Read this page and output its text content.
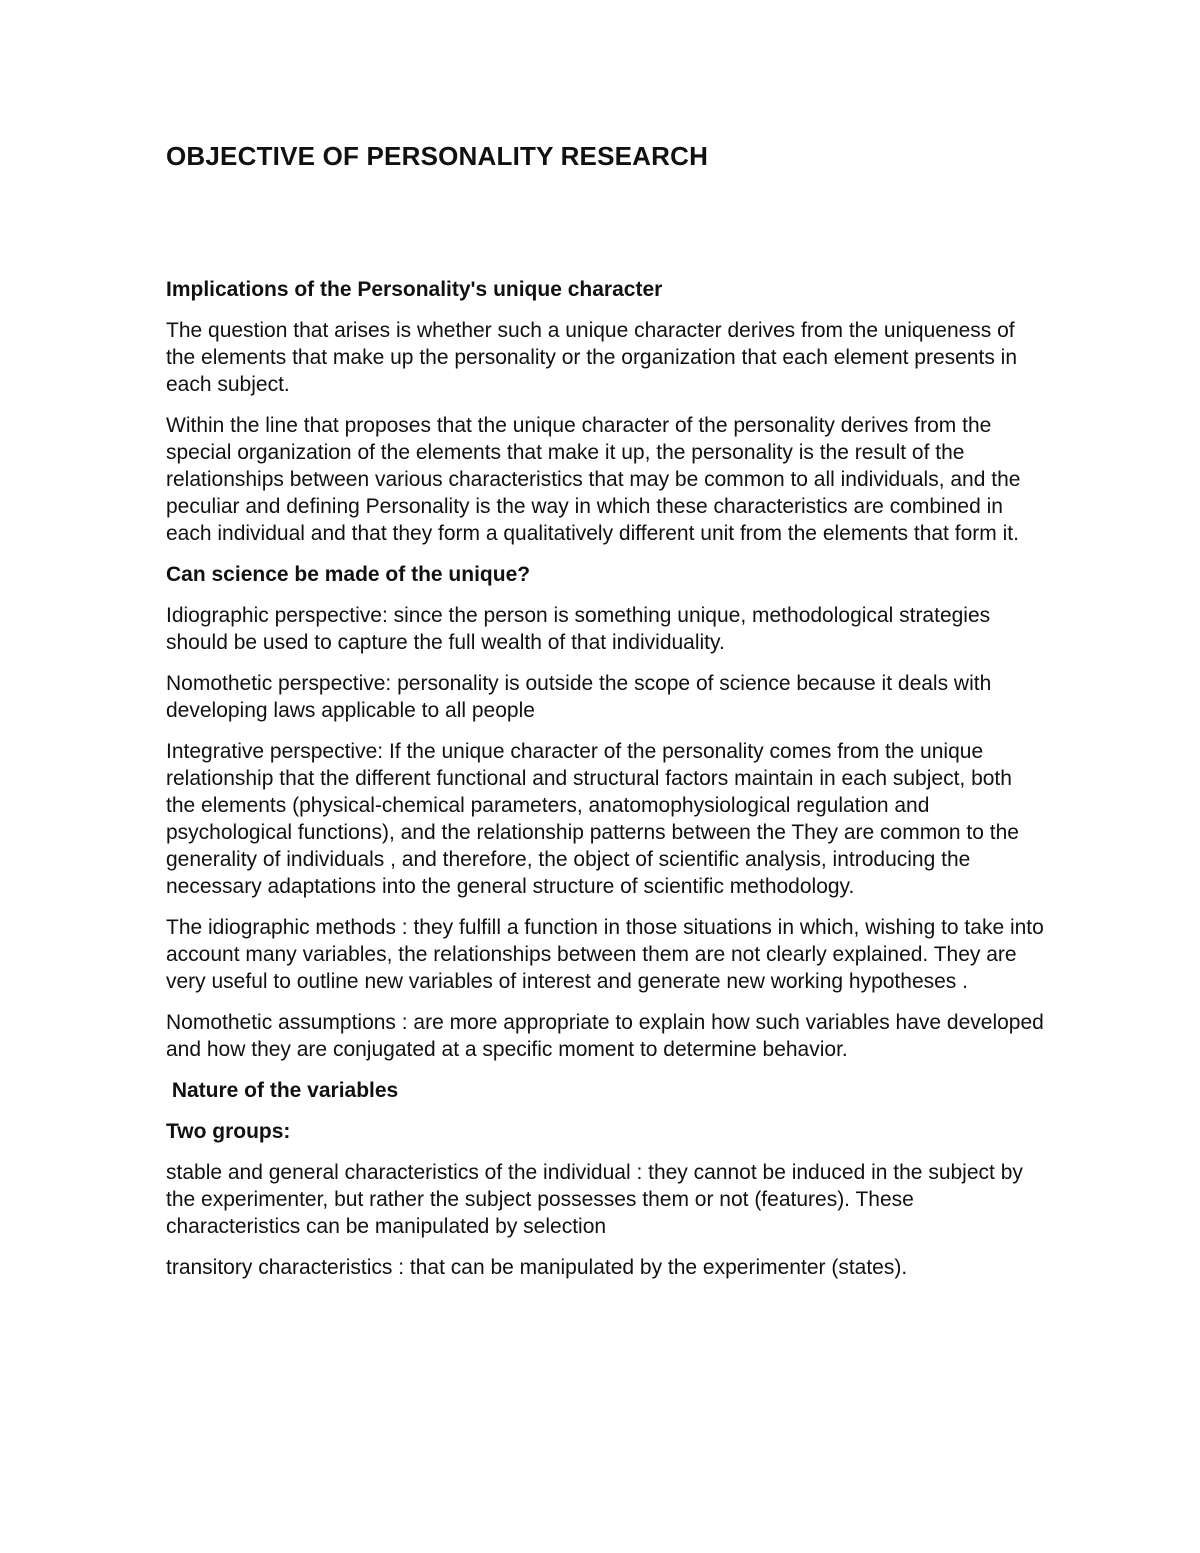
OBJECTIVE OF PERSONALITY RESEARCH
Implications of the Personality's unique character

The question that arises is whether such a unique character derives from the uniqueness of the elements that make up the personality or the organization that each element presents in each subject.

Within the line that proposes that the unique character of the personality derives from the special organization of the elements that make it up, the personality is the result of the relationships between various characteristics that may be common to all individuals, and the peculiar and defining Personality is the way in which these characteristics are combined in each individual and that they form a qualitatively different unit from the elements that form it.

Can science be made of the unique?

Idiographic perspective: since the person is something unique, methodological strategies should be used to capture the full wealth of that individuality.

Nomothetic perspective: personality is outside the scope of science because it deals with developing laws applicable to all people

Integrative perspective: If the unique character of the personality comes from the unique relationship that the different functional and structural factors maintain in each subject, both the elements (physical-chemical parameters, anatomophysiological regulation and psychological functions), and the relationship patterns between the They are common to the generality of individuals , and therefore, the object of scientific analysis, introducing the necessary adaptations into the general structure of scientific methodology.

The idiographic methods : they fulfill a function in those situations in which, wishing to take into account many variables, the relationships between them are not clearly explained. They are very useful to outline new variables of interest and generate new working hypotheses .

Nomothetic assumptions : are more appropriate to explain how such variables have developed and how they are conjugated at a specific moment to determine behavior.

Nature of the variables
Two groups:

stable and general characteristics of the individual : they cannot be induced in the subject by the experimenter, but rather the subject possesses them or not (features). These characteristics can be manipulated by selection

transitory characteristics : that can be manipulated by the experimenter (states).
